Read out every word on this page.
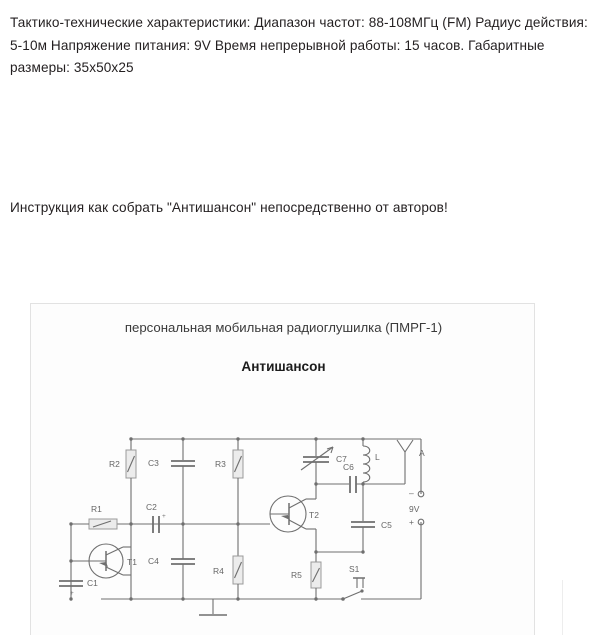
Тактико-технические характеристики: Диапазон частот: 88-108МГц (FM) Радиус действия: 5-10м Напряжение питания: 9V Время непрерывной работы: 15 часов. Габаритные размеры: 35x50x25
Инструкция как собрать "Антишансон" непосредственно от авторов!
персональная мобильная радиоглушилка (ПМРГ-1)
Антишансон
R2	C3	R3	C7	L	A
C6
T2
C5
R5
R4
R1	C2
+
C4
T1
C1
+
S1
–
+
9V
